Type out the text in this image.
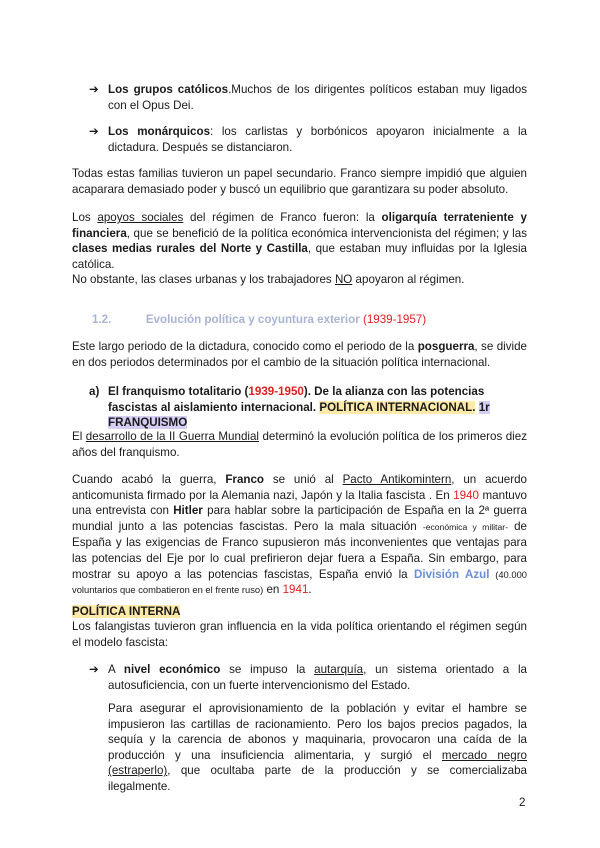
➔ Los grupos católicos.Muchos de los dirigentes políticos estaban muy ligados con el Opus Dei.
➔ Los monárquicos: los carlistas y borbónicos apoyaron inicialmente a la dictadura. Después se distanciaron.

Todas estas familias tuvieron un papel secundario. Franco siempre impidió que alguien acaparara demasiado poder y buscó un equilibrio que garantizara su poder absoluto.

Los apoyos sociales del régimen de Franco fueron: la oligarquía terrateniente y financiera, que se benefició de la política económica intervencionista del régimen; y las clases medias rurales del Norte y Castilla, que estaban muy influidas por la Iglesia católica.
No obstante, las clases urbanas y los trabajadores NO apoyaron al régimen.

1.2.	Evolución política y coyuntura exterior (1939-1957)

Este largo periodo de la dictadura, conocido como el periodo de la posguerra, se divide en dos periodos determinados por el cambio de la situación política internacional.

a) El franquismo totalitario (1939-1950). De la alianza con las potencias fascistas al aislamiento internacional. POLÍTICA INTERNACIONAL. 1r FRANQUISMO

El desarrollo de la II Guerra Mundial determinó la evolución política de los primeros diez años del franquismo.

Cuando acabó la guerra, Franco se unió al Pacto Antikomintern, un acuerdo anticomunista firmado por la Alemania nazi, Japón y la Italia fascista . En 1940 mantuvo una entrevista con Hitler para hablar sobre la participación de España en la 2ª guerra mundial junto a las potencias fascistas. Pero la mala situación -económica y militar- de España y las exigencias de Franco supusieron más inconvenientes que ventajas para las potencias del Eje por lo cual prefirieron dejar fuera a España. Sin embargo, para mostrar su apoyo a las potencias fascistas, España envió la División Azul (40.000 voluntarios que combatieron en el frente ruso) en 1941.

POLÍTICA INTERNA

Los falangistas tuvieron gran influencia en la vida política orientando el régimen según el modelo fascista:

➔ A nivel económico se impuso la autarquía, un sistema orientado a la autosuficiencia, con un fuerte intervencionismo del Estado.

Para asegurar el aprovisionamiento de la población y evitar el hambre se impusieron las cartillas de racionamiento. Pero los bajos precios pagados, la sequía y la carencia de abonos y maquinaria, provocaron una caída de la producción y una insuficiencia alimentaria, y surgió el mercado negro (estraperlo), que ocultaba parte de la producción y se comercializaba ilegalmente.

2
